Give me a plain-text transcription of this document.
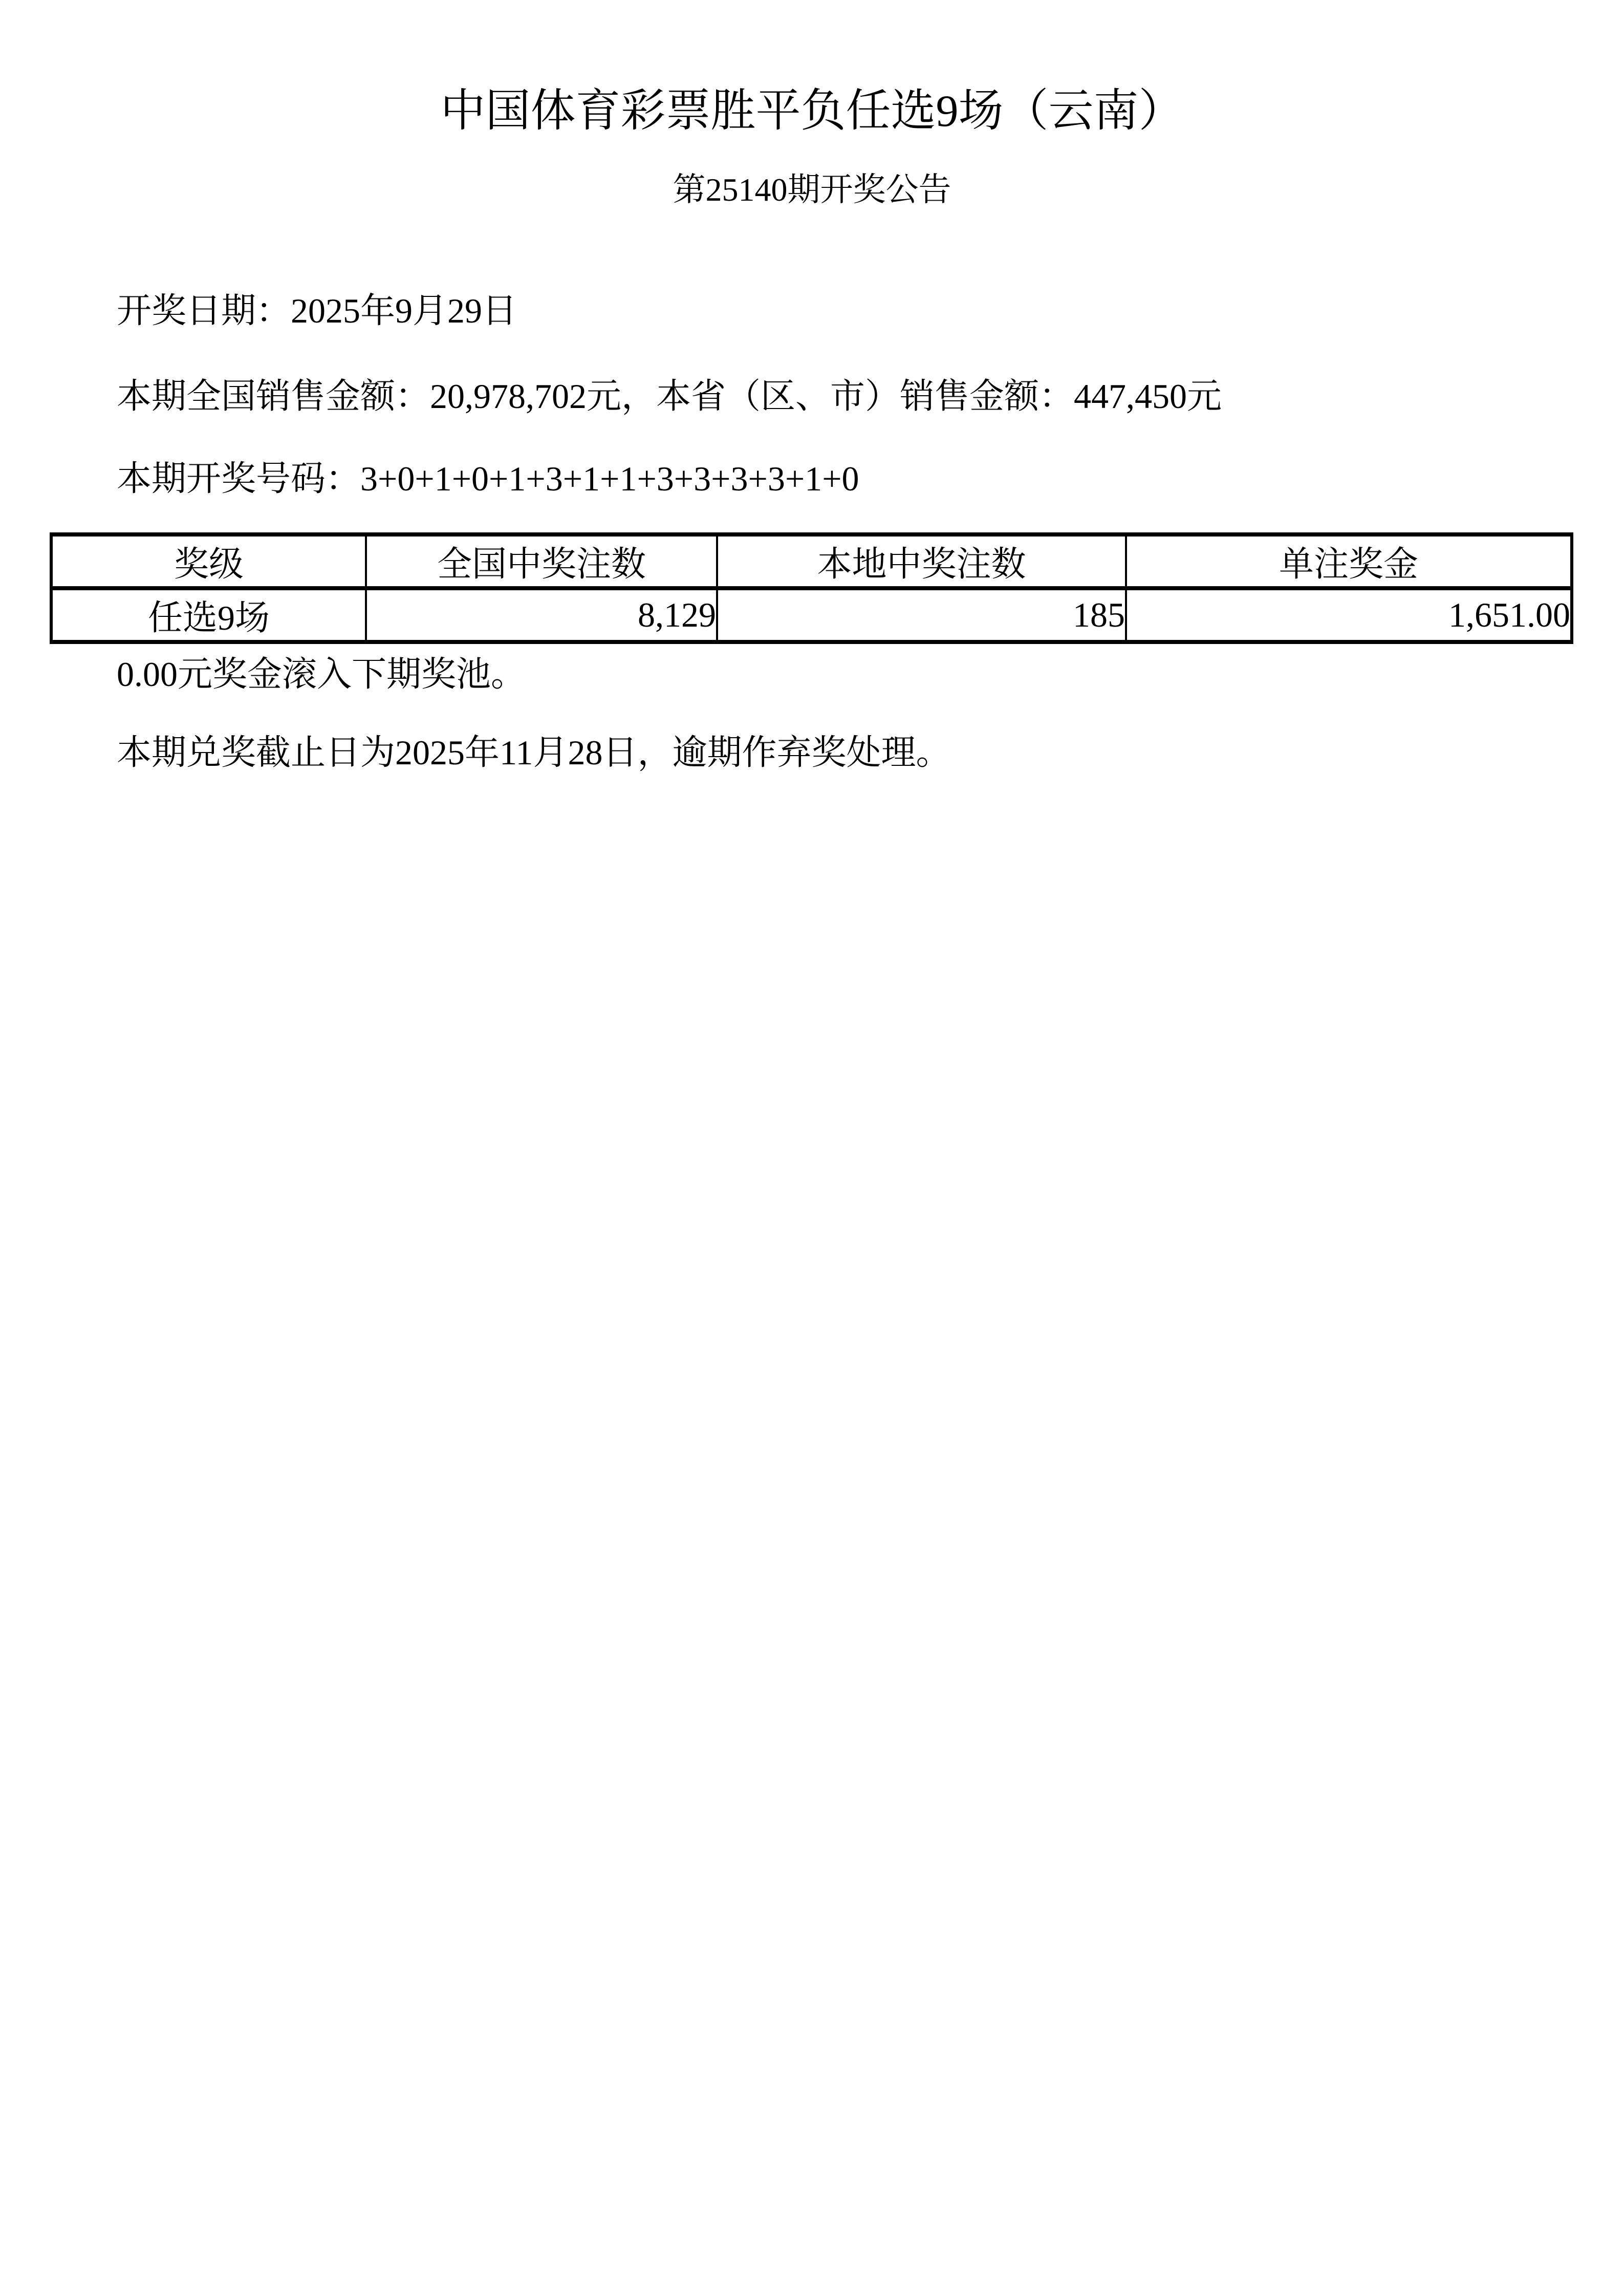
中国体育彩票胜平负任选9场（云南）
第25140期开奖公告

开奖日期：2025年9月29日

本期全国销售金额：20,978,702元，本省（区、市）销售金额：447,450元

本期开奖号码：3+0+1+0+1+3+1+1+3+3+3+3+1+0

奖级	全国中奖注数	本地中奖注数	单注奖金
任选9场	8,129	185	1,651.00

0.00元奖金滚入下期奖池。

本期兑奖截止日为2025年11月28日，逾期作弃奖处理。
